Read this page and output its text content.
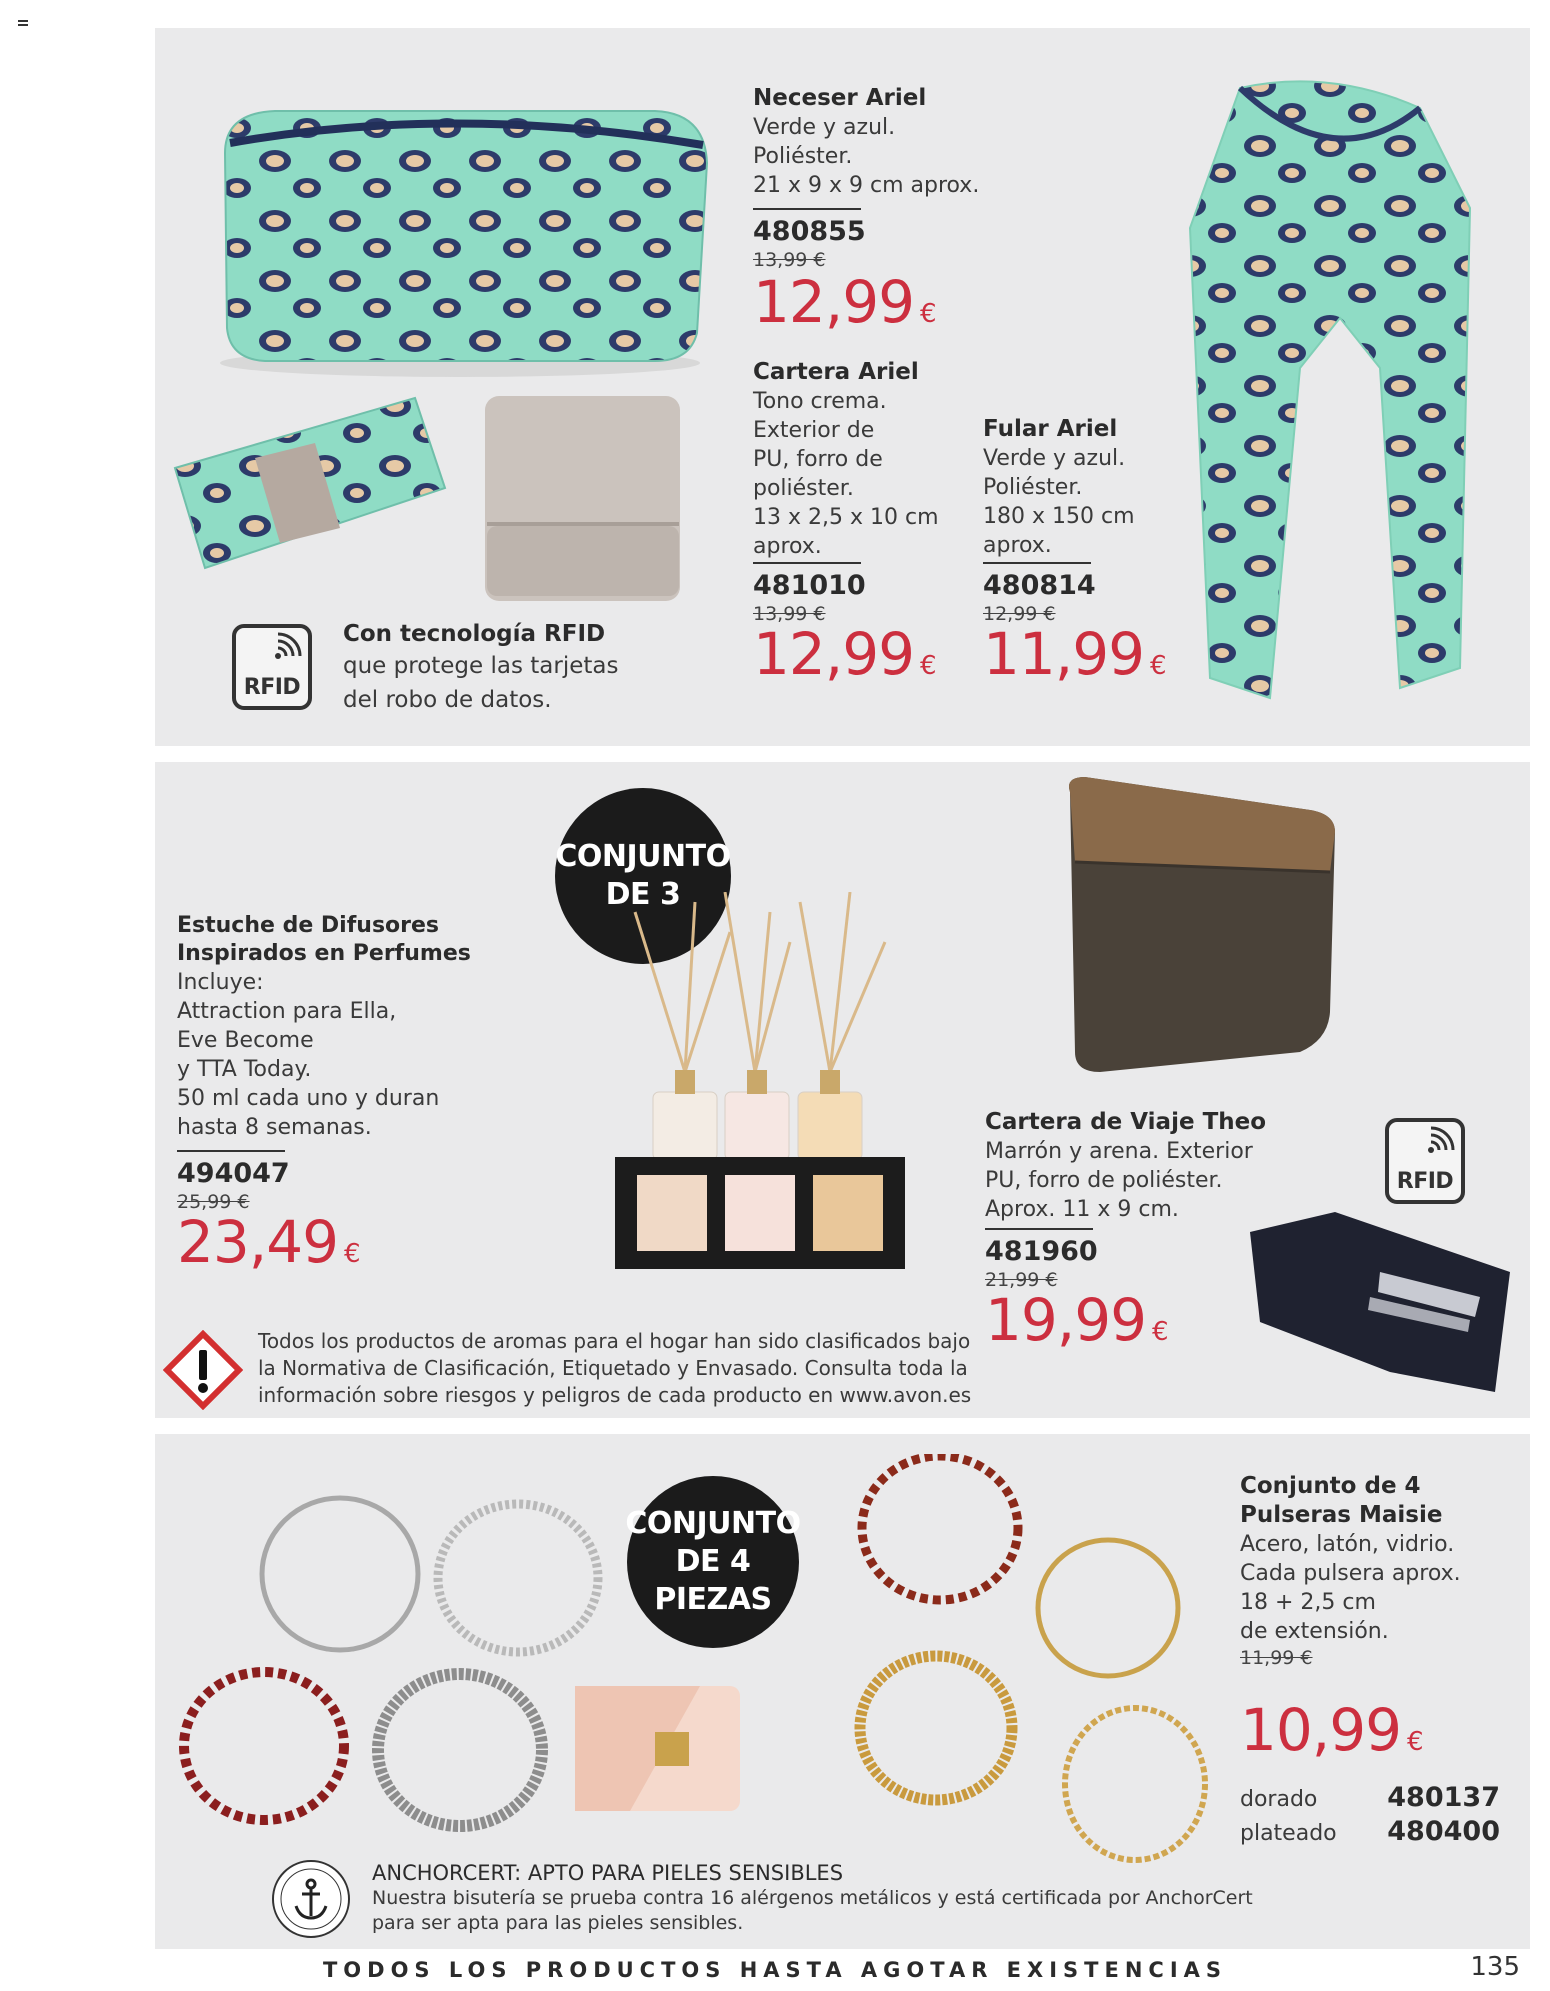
Neceser Ariel
Verde y azul.
Poliéster.
21 x 9 x 9 cm aprox.
480855
13,99 €
12,99 €
Cartera Ariel
Tono crema.
Exterior de
PU, forro de
poliéster.
13 x 2,5 x 10 cm
aprox.
481010
13,99 €
12,99 €
Fular Ariel
Verde y azul.
Poliéster.
180 x 150 cm
aprox.
480814
12,99 €
11,99 €
RFID
Con tecnología RFID
que protege las tarjetas
del robo de datos.
CONJUNTO
DE 3
Estuche de Difusores
Inspirados en Perfumes
Incluye:
Attraction para Ella,
Eve Become
y TTA Today.
50 ml cada uno y duran
hasta 8 semanas.
494047
25,99 €
23,49 €
Cartera de Viaje Theo
Marrón y arena. Exterior
PU, forro de poliéster.
Aprox. 11 x 9 cm.
481960
21,99 €
19,99 €
RFID
Todos los productos de aromas para el hogar han sido clasificados bajo
la Normativa de Clasificación, Etiquetado y Envasado. Consulta toda la
información sobre riesgos y peligros de cada producto en www.avon.es
CONJUNTO
DE 4 PIEZAS
Conjunto de 4
Pulseras Maisie
Acero, latón, vidrio.
Cada pulsera aprox.
18 + 2,5 cm
de extensión.
11,99 €
10,99 €
dorado	480137
plateado 480400
ANCHORCERT: APTO PARA PIELES SENSIBLES
Nuestra bisutería se prueba contra 16 alérgenos metálicos y está certificada por AnchorCert
para ser apta para las pieles sensibles.
TODOS LOS PRODUCTOS HASTA AGOTAR EXISTENCIAS	135
